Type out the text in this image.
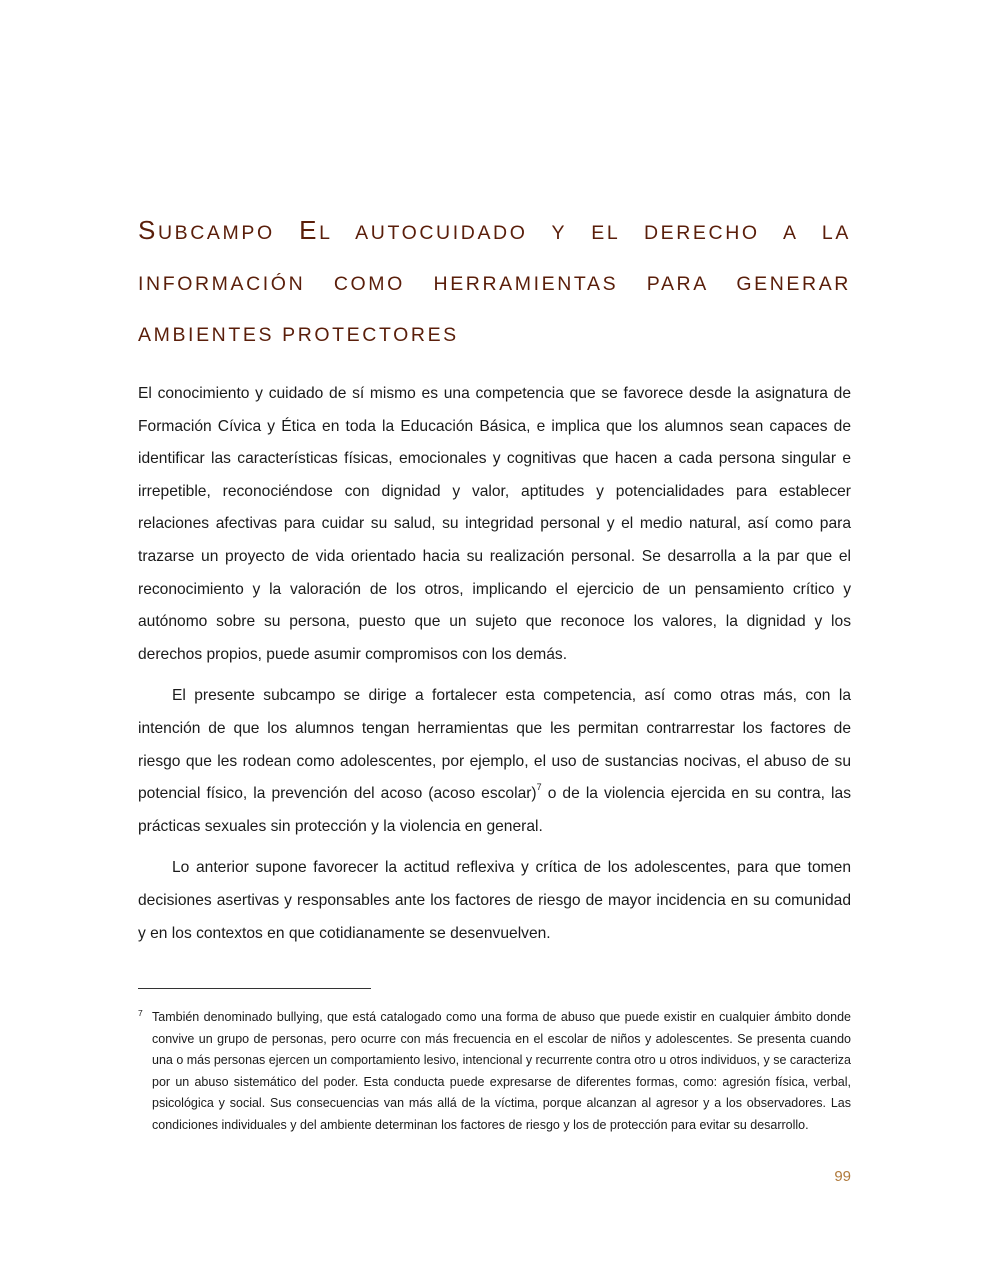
SUBCAMPO EL AUTOCUIDADO Y EL DERECHO A LA INFORMACIÓN COMO HERRAMIENTAS PARA GENERAR AMBIENTES PROTECTORES

El conocimiento y cuidado de sí mismo es una competencia que se favorece desde la asignatura de Formación Cívica y Ética en toda la Educación Básica, e implica que los alumnos sean capaces de identificar las características físicas, emocionales y cognitivas que hacen a cada persona singular e irrepetible, reconociéndose con dignidad y valor, aptitudes y potencialidades para establecer relaciones afectivas para cuidar su salud, su integridad personal y el medio natural, así como para trazarse un proyecto de vida orientado hacia su realización personal. Se desarrolla a la par que el reconocimiento y la valoración de los otros, implicando el ejercicio de un pensamiento crítico y autónomo sobre su persona, puesto que un sujeto que reconoce los valores, la dignidad y los derechos propios, puede asumir compromisos con los demás.

El presente subcampo se dirige a fortalecer esta competencia, así como otras más, con la intención de que los alumnos tengan herramientas que les permitan contrarrestar los factores de riesgo que les rodean como adolescentes, por ejemplo, el uso de sustancias nocivas, el abuso de su potencial físico, la prevención del acoso (acoso escolar)$^7$ o de la violencia ejercida en su contra, las prácticas sexuales sin protección y la violencia en general.

Lo anterior supone favorecer la actitud reflexiva y crítica de los adolescentes, para que tomen decisiones asertivas y responsables ante los factores de riesgo de mayor incidencia en su comunidad y en los contextos en que cotidianamente se desenvuelven.

7 También denominado bullying, que está catalogado como una forma de abuso que puede existir en cualquier ámbito donde convive un grupo de personas, pero ocurre con más frecuencia en el escolar de niños y adolescentes. Se presenta cuando una o más personas ejercen un comportamiento lesivo, intencional y recurrente contra otro u otros individuos, y se caracteriza por un abuso sistemático del poder. Esta conducta puede expresarse de diferentes formas, como: agresión física, verbal, psicológica y social. Sus consecuencias van más allá de la víctima, porque alcanzan al agresor y a los observadores. Las condiciones individuales y del ambiente determinan los factores de riesgo y los de protección para evitar su desarrollo.

99
